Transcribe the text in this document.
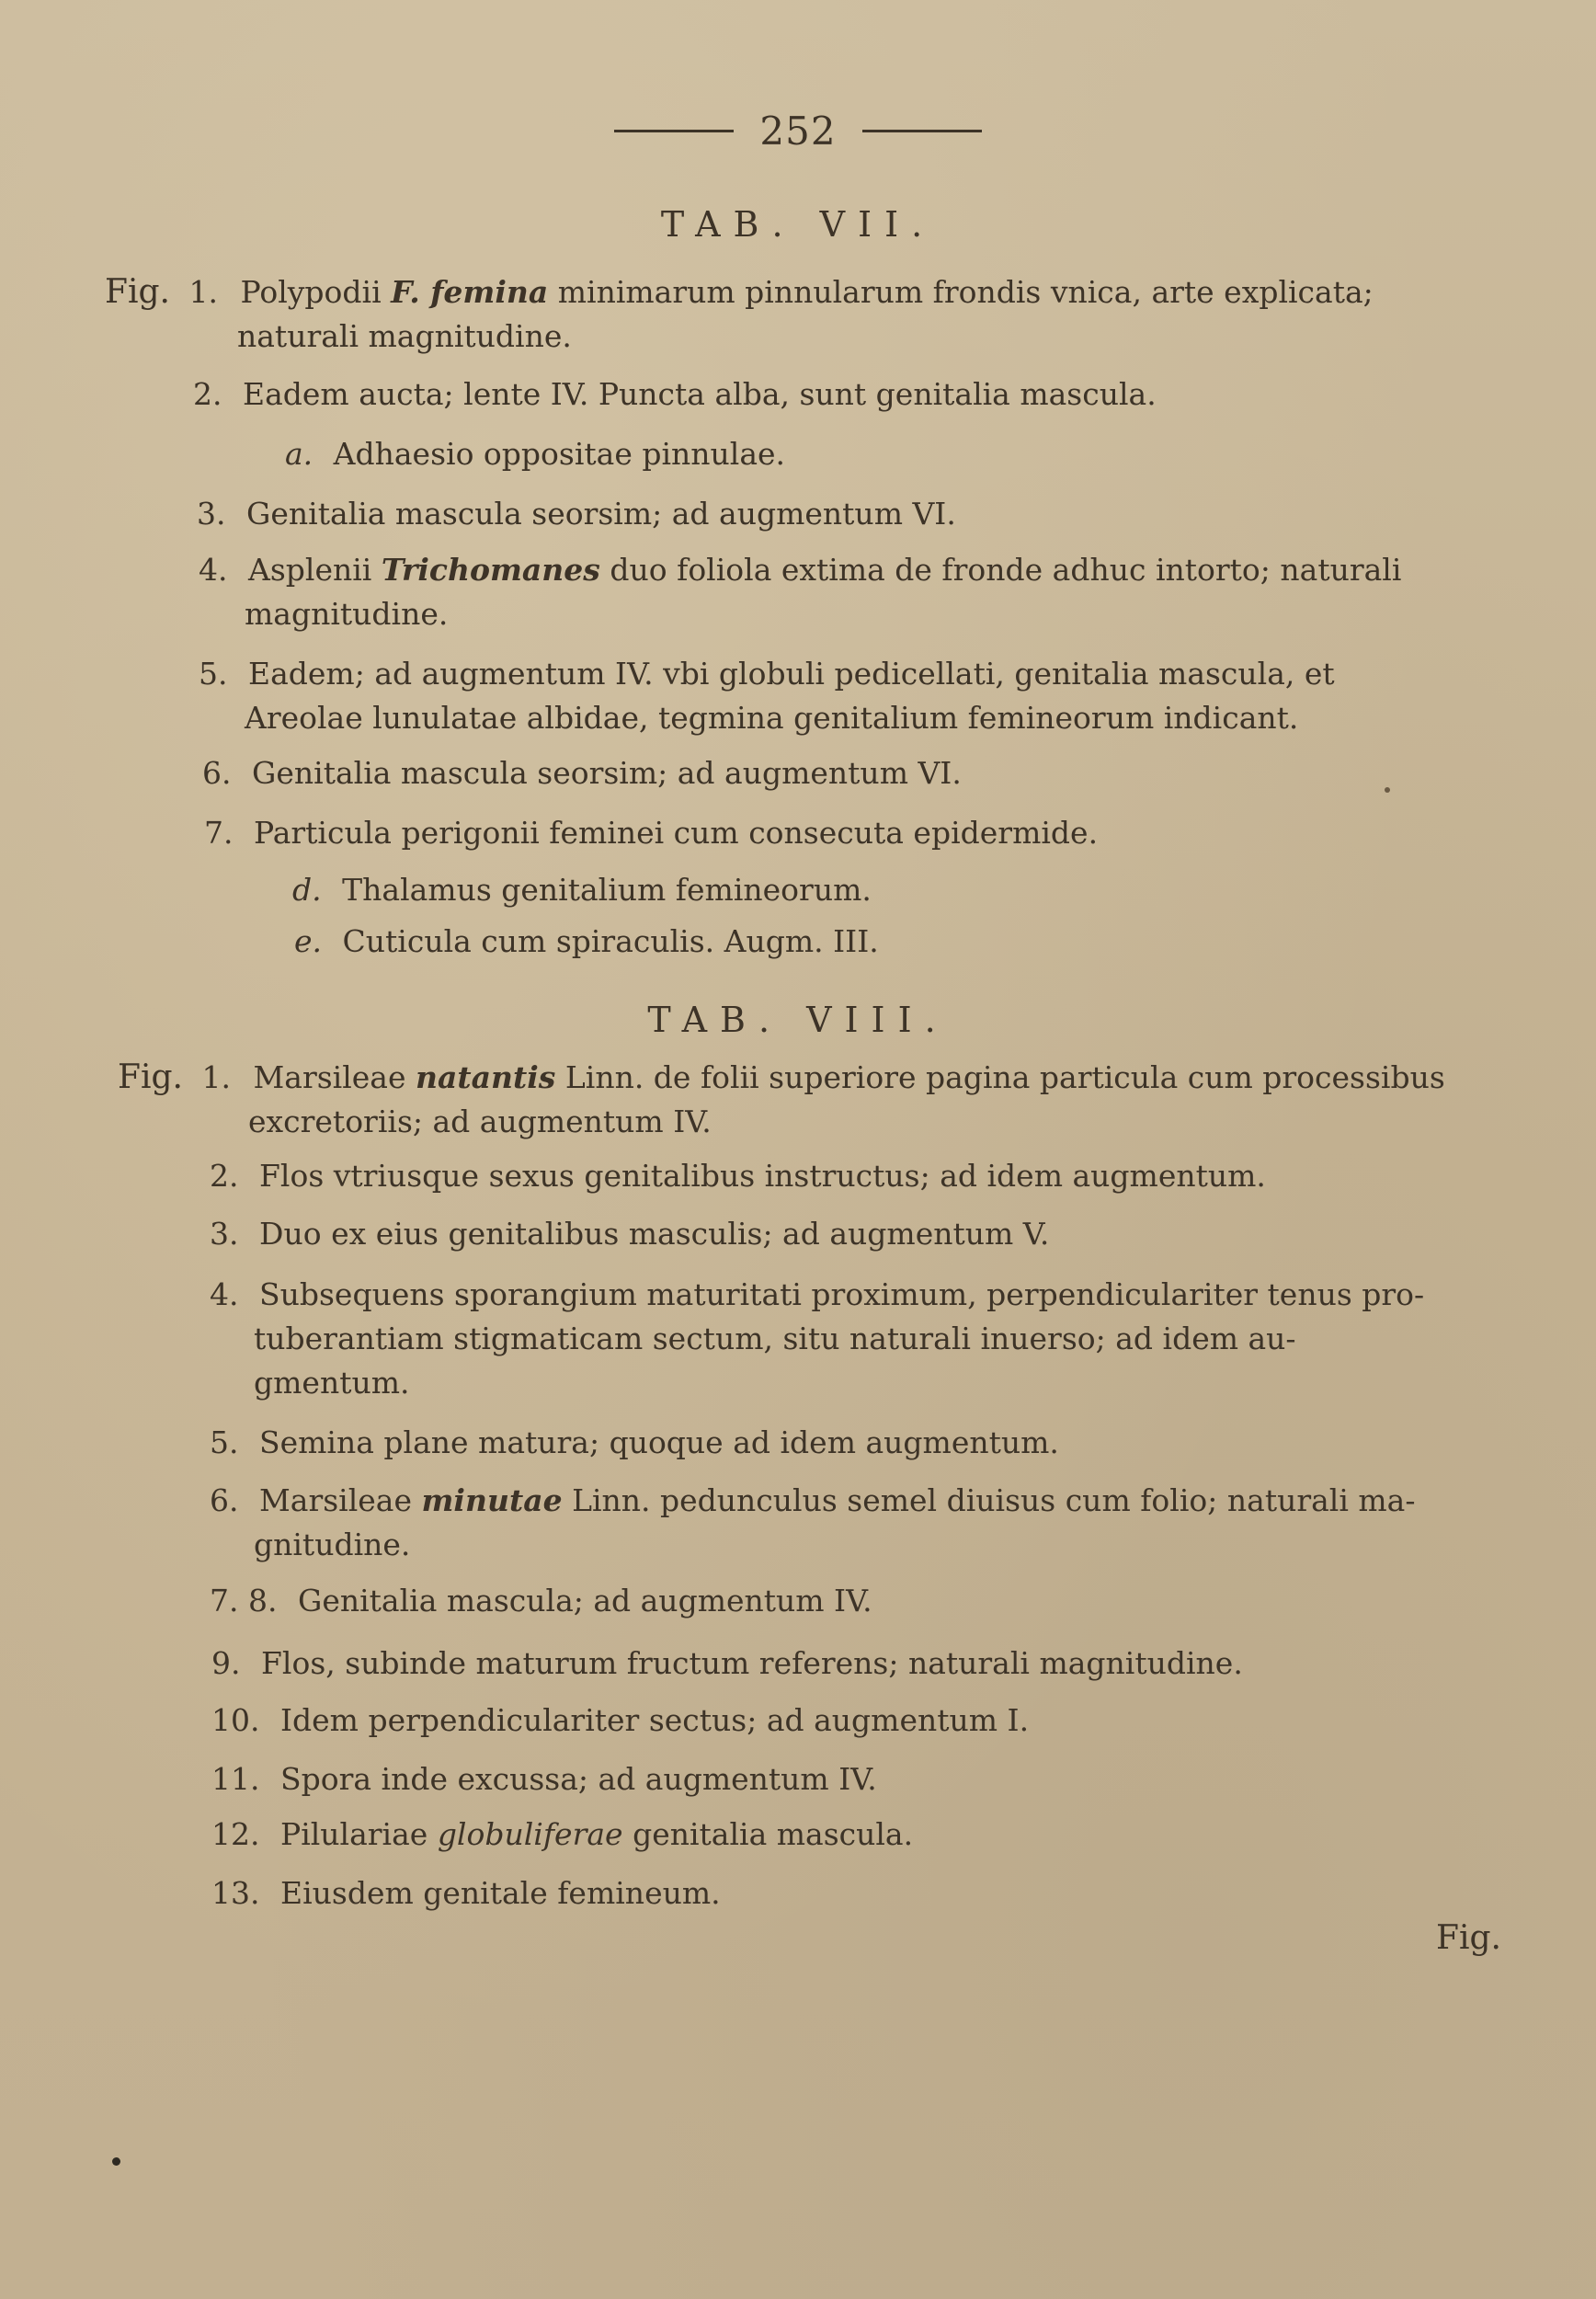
252
TAB. VII.
Fig. 1. Polypodii F. femina minimarum pinnularum frondis vnica, arte explicata;
naturali magnitudine.
2. Eadem aucta; lente IV. Puncta alba, sunt genitalia mascula.
a. Adhaesio oppositae pinnulae.
3. Genitalia mascula seorsim; ad augmentum VI.
4. Asplenii Trichomanes duo foliola extima de fronde adhuc intorto; naturali
magnitudine.
5. Eadem; ad augmentum IV. vbi globuli pedicellati, genitalia mascula, et
Areolae lunulatae albidae, tegmina genitalium femineorum indicant.
6. Genitalia mascula seorsim; ad augmentum VI.
7. Particula perigonii feminei cum consecuta epidermide.
d. Thalamus genitalium femineorum.
e. Cuticula cum spiraculis. Augm. III.
TAB. VIII.
Fig. 1. Marsileae natantis Linn. de folii superiore pagina particula cum processibus
excretoriis; ad augmentum IV.
2. Flos vtriusque sexus genitalibus instructus; ad idem augmentum.
3. Duo ex eius genitalibus masculis; ad augmentum V.
4. Subsequens sporangium maturitati proximum, perpendiculariter tenus pro-
tuberantiam stigmaticam sectum, situ naturali inuerso; ad idem au-
gmentum.
5. Semina plane matura; quoque ad idem augmentum.
6. Marsileae minutae Linn. pedunculus semel diuisus cum folio; naturali ma-
gnitudine.
7. 8. Genitalia mascula; ad augmentum IV.
9. Flos, subinde maturum fructum referens; naturali magnitudine.
10. Idem perpendiculariter sectus; ad augmentum I.
11. Spora inde excussa; ad augmentum IV.
12. Pilulariae globuliferae genitalia mascula.
13. Eiusdem genitale femineum.
Fig.
